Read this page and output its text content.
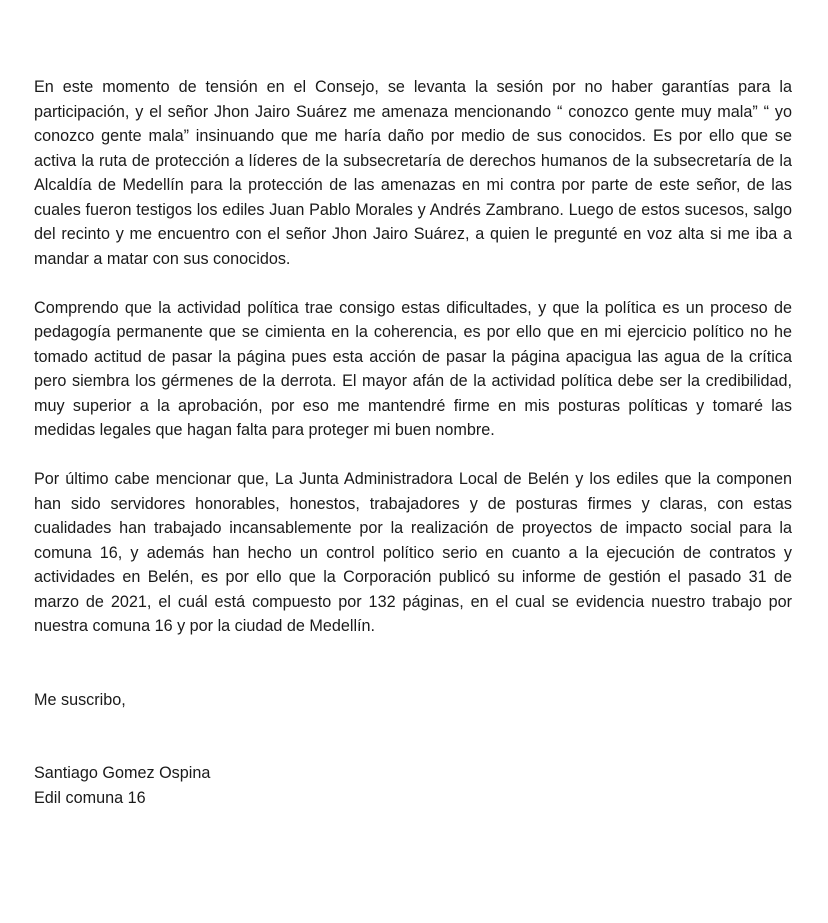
En este momento de tensión en el Consejo, se levanta la sesión por no haber garantías para la participación, y el señor Jhon Jairo Suárez me amenaza mencionando “ conozco gente muy mala” “ yo conozco gente mala” insinuando que me haría daño por medio de sus conocidos. Es por ello que se activa la ruta de protección a líderes de la subsecretaría de derechos humanos de la subsecretaría de la Alcaldía de Medellín para la protección de las amenazas en mi contra por parte de este señor, de las cuales fueron testigos los ediles Juan Pablo Morales y Andrés Zambrano. Luego de estos sucesos, salgo del recinto y me encuentro con el señor Jhon Jairo Suárez, a quien le pregunté en voz alta si me iba a mandar a matar con sus conocidos.

Comprendo que la actividad política trae consigo estas dificultades, y que la política es un proceso de pedagogía permanente que se cimienta en la coherencia, es por ello que en mi ejercicio político no he tomado actitud de pasar la página pues esta acción de pasar la página apacigua las agua de la crítica pero siembra los gérmenes de la derrota. El mayor afán de la actividad política debe ser la credibilidad, muy superior a la aprobación, por eso me mantendré firme en mis posturas políticas y tomaré las medidas legales que hagan falta para proteger mi buen nombre.

Por último cabe mencionar que, La Junta Administradora Local de Belén y los ediles que la componen han sido servidores honorables, honestos, trabajadores y de posturas firmes y claras, con estas cualidades han trabajado incansablemente por la realización de proyectos de impacto social para la comuna 16, y además han hecho un control político serio en cuanto a la ejecución de contratos y actividades en Belén, es por ello que la Corporación publicó su informe de gestión el pasado 31 de marzo de 2021, el cuál está compuesto por 132 páginas, en el cual se evidencia nuestro trabajo por nuestra comuna 16 y por la ciudad de Medellín.

Me suscribo,

Santiago Gomez Ospina
Edil comuna 16
